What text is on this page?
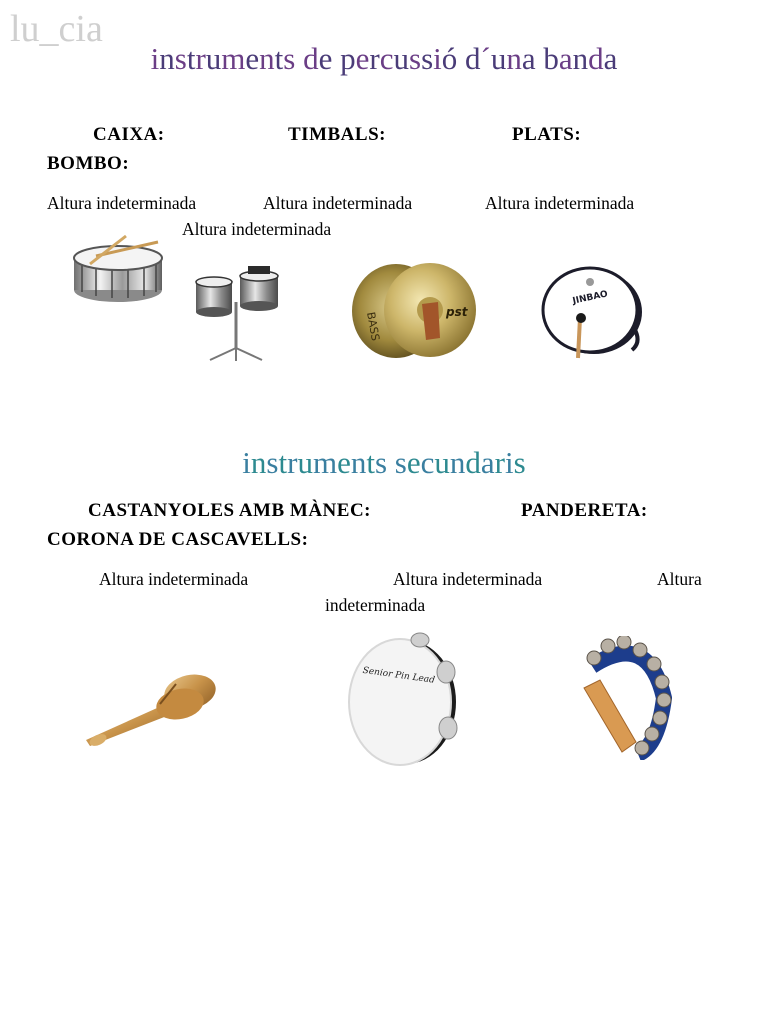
lu_cia
instruments de percussió d´una banda
CAIXA:	TIMBALS:	PLATS:
BOMBO:
Altura indeterminada	Altura indeterminada	Altura indeterminada
Altura indeterminada
BASS	pst
JINBAO
instruments secundaris
CASTANYOLES AMB MÀNEC:	PANDERETA:
CORONA DE CASCAVELLS:
Altura indeterminada	Altura indeterminada	Altura
indeterminada
Senior Pin Lead
